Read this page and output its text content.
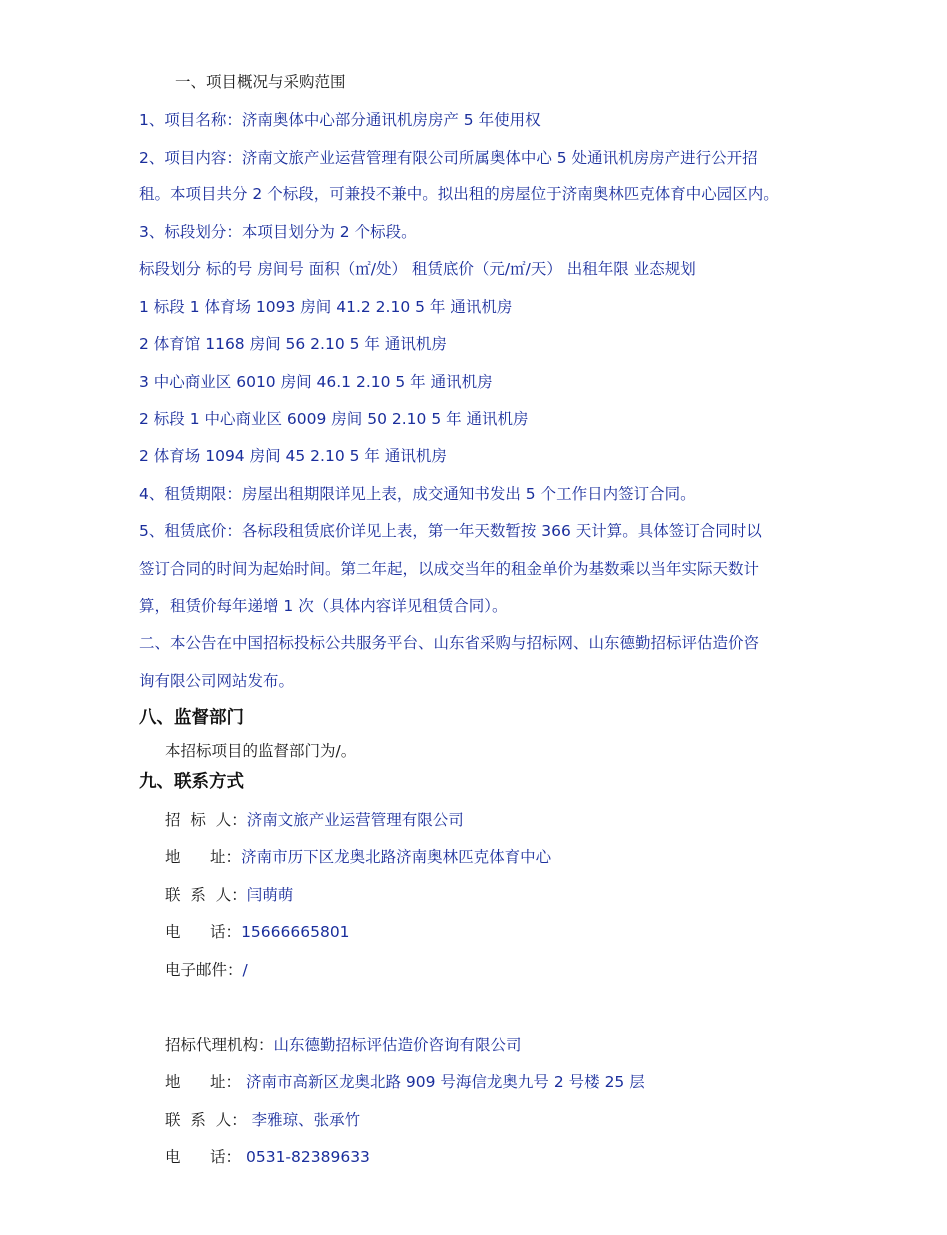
一、项目概况与采购范围
1、项目名称：济南奥体中心部分通讯机房房产 5 年使用权
2、项目内容：济南文旅产业运营管理有限公司所属奥体中心 5 处通讯机房房产进行公开招
租。本项目共分 2 个标段，可兼投不兼中。拟出租的房屋位于济南奥林匹克体育中心园区内。
3、标段划分：本项目划分为 2 个标段。
标段划分 标的号 房间号 面积（㎡/处） 租赁底价（元/㎡/天） 出租年限 业态规划
1 标段 1 体育场 1093 房间 41.2 2.10 5 年 通讯机房
2 体育馆 1168 房间 56 2.10 5 年 通讯机房
3 中心商业区 6010 房间 46.1 2.10 5 年 通讯机房
2 标段 1 中心商业区 6009 房间 50 2.10 5 年 通讯机房
2 体育场 1094 房间 45 2.10 5 年 通讯机房
4、租赁期限：房屋出租期限详见上表，成交通知书发出 5 个工作日内签订合同。
5、租赁底价：各标段租赁底价详见上表，第一年天数暂按 366 天计算。具体签订合同时以
签订合同的时间为起始时间。第二年起，以成交当年的租金单价为基数乘以当年实际天数计
算，租赁价每年递增 1 次（具体内容详见租赁合同）。
二、本公告在中国招标投标公共服务平台、山东省采购与招标网、山东德勤招标评估造价咨
询有限公司网站发布。
八、监督部门
本招标项目的监督部门为/。
九、联系方式
招  标  人：济南文旅产业运营管理有限公司
地      址：济南市历下区龙奥北路济南奥林匹克体育中心
联  系  人：闫萌萌
电      话：15666665801
电子邮件：/
招标代理机构：山东德勤招标评估造价咨询有限公司
地      址： 济南市高新区龙奥北路 909 号海信龙奥九号 2 号楼 25 层
联  系  人： 李雅琼、张承竹
电      话： 0531-82389633
